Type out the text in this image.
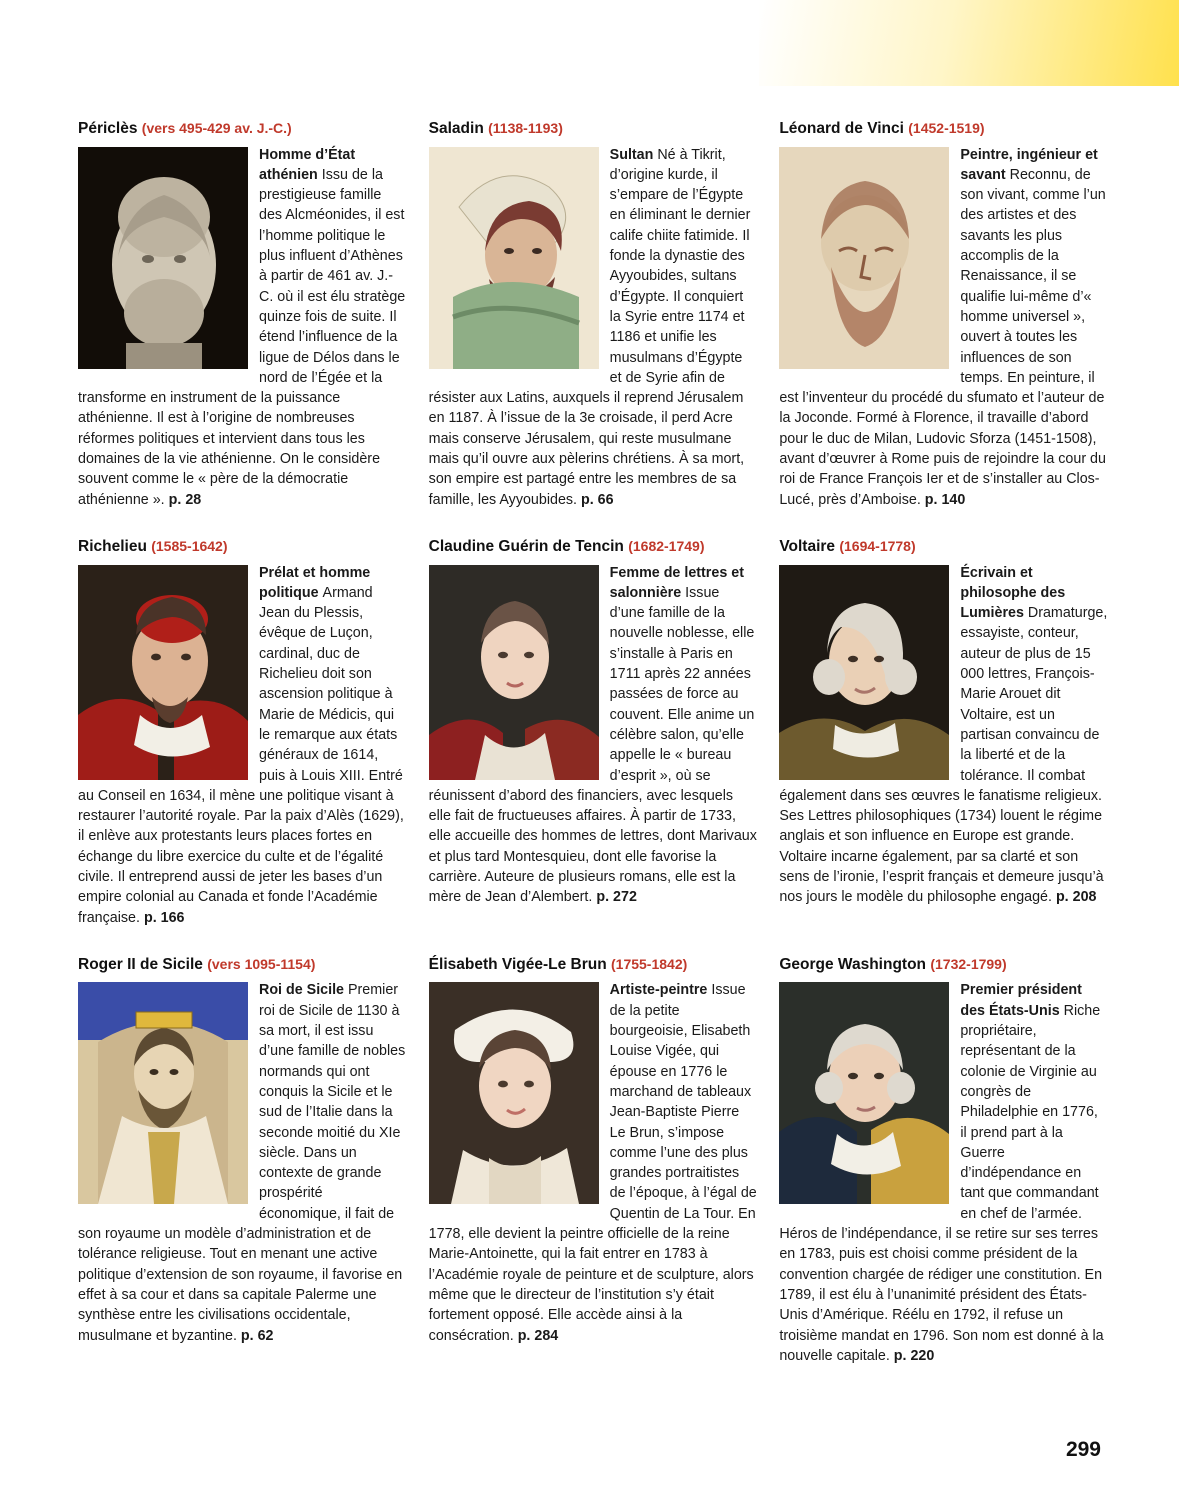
Périclès (vers 495-429 av. J.-C.)
Homme d’État athénien Issu de la prestigieuse famille des Alcméonides, il est l’homme politique le plus influent d’Athènes à partir de 461 av. J.-C. où il est élu stratège quinze fois de suite. Il étend l’influence de la ligue de Délos dans le nord de l’Égée et la transforme en instrument de la puissance athénienne. Il est à l’origine de nombreuses réformes politiques et intervient dans tous les domaines de la vie athénienne. On le considère souvent comme le « père de la démocratie athénienne ». p. 28
Saladin (1138-1193)
Sultan Né à Tikrit, d’origine kurde, il s’empare de l’Égypte en éliminant le dernier calife chiite fatimide. Il fonde la dynastie des Ayyoubides, sultans d’Égypte. Il conquiert la Syrie entre 1174 et 1186 et unifie les musulmans d’Égypte et de Syrie afin de résister aux Latins, auxquels il reprend Jérusalem en 1187. À l’issue de la 3e croisade, il perd Acre mais conserve Jérusalem, qui reste musulmane mais qu’il ouvre aux pèlerins chrétiens. À sa mort, son empire est partagé entre les membres de sa famille, les Ayyoubides. p. 66
Léonard de Vinci (1452-1519)
Peintre, ingénieur et savant Reconnu, de son vivant, comme l’un des artistes et des savants les plus accomplis de la Renaissance, il se qualifie lui-même d’« homme universel », ouvert à toutes les influences de son temps. En peinture, il est l’inventeur du procédé du sfumato et l’auteur de la Joconde. Formé à Florence, il travaille d’abord pour le duc de Milan, Ludovic Sforza (1451-1508), avant d’œuvrer à Rome puis de rejoindre la cour du roi de France François Ier et de s’installer au Clos-Lucé, près d’Amboise. p. 140
Richelieu (1585-1642)
Prélat et homme politique Armand Jean du Plessis, évêque de Luçon, cardinal, duc de Richelieu doit son ascension politique à Marie de Médicis, qui le remarque aux états généraux de 1614, puis à Louis XIII. Entré au Conseil en 1634, il mène une politique visant à restaurer l’autorité royale. Par la paix d’Alès (1629), il enlève aux protestants leurs places fortes en échange du libre exercice du culte et de l’égalité civile. Il entreprend aussi de jeter les bases d’un empire colonial au Canada et fonde l’Académie française. p. 166
Claudine Guérin de Tencin (1682-1749)
Femme de lettres et salonnière Issue d’une famille de la nouvelle noblesse, elle s’installe à Paris en 1711 après 22 années passées de force au couvent. Elle anime un célèbre salon, qu’elle appelle le « bureau d’esprit », où se réunissent d’abord des financiers, avec lesquels elle fait de fructueuses affaires. À partir de 1733, elle accueille des hommes de lettres, dont Marivaux et plus tard Montesquieu, dont elle favorise la carrière. Auteure de plusieurs romans, elle est la mère de Jean d’Alembert. p. 272
Voltaire (1694-1778)
Écrivain et philosophe des Lumières Dramaturge, essayiste, conteur, auteur de plus de 15 000 lettres, François-Marie Arouet dit Voltaire, est un partisan convaincu de la liberté et de la tolérance. Il combat également dans ses œuvres le fanatisme religieux. Ses Lettres philosophiques (1734) louent le régime anglais et son influence en Europe est grande. Voltaire incarne également, par sa clarté et son sens de l’ironie, l’esprit français et demeure jusqu’à nos jours le modèle du philosophe engagé. p. 208
Roger II de Sicile (vers 1095-1154)
Roi de Sicile Premier roi de Sicile de 1130 à sa mort, il est issu d’une famille de nobles normands qui ont conquis la Sicile et le sud de l’Italie dans la seconde moitié du XIe siècle. Dans un contexte de grande prospérité économique, il fait de son royaume un modèle d’administration et de tolérance religieuse. Tout en menant une active politique d’extension de son royaume, il favorise en effet à sa cour et dans sa capitale Palerme une synthèse entre les civilisations occidentale, musulmane et byzantine. p. 62
Élisabeth Vigée-Le Brun (1755-1842)
Artiste-peintre Issue de la petite bourgeoisie, Elisabeth Louise Vigée, qui épouse en 1776 le marchand de tableaux Jean-Baptiste Pierre Le Brun, s’impose comme l’une des plus grandes portraitistes de l’époque, à l’égal de Quentin de La Tour. En 1778, elle devient la peintre officielle de la reine Marie-Antoinette, qui la fait entrer en 1783 à l’Académie royale de peinture et de sculpture, alors même que le directeur de l’institution s’y était fortement opposé. Elle accède ainsi à la consécration. p. 284
George Washington (1732-1799)
Premier président des États-Unis Riche propriétaire, représentant de la colonie de Virginie au congrès de Philadelphie en 1776, il prend part à la Guerre d’indépendance en tant que commandant en chef de l’armée. Héros de l’indépendance, il se retire sur ses terres en 1783, puis est choisi comme président de la convention chargée de rédiger une constitution. En 1789, il est élu à l’unanimité président des États-Unis d’Amérique. Réélu en 1792, il refuse un troisième mandat en 1796. Son nom est donné à la nouvelle capitale. p. 220
299
